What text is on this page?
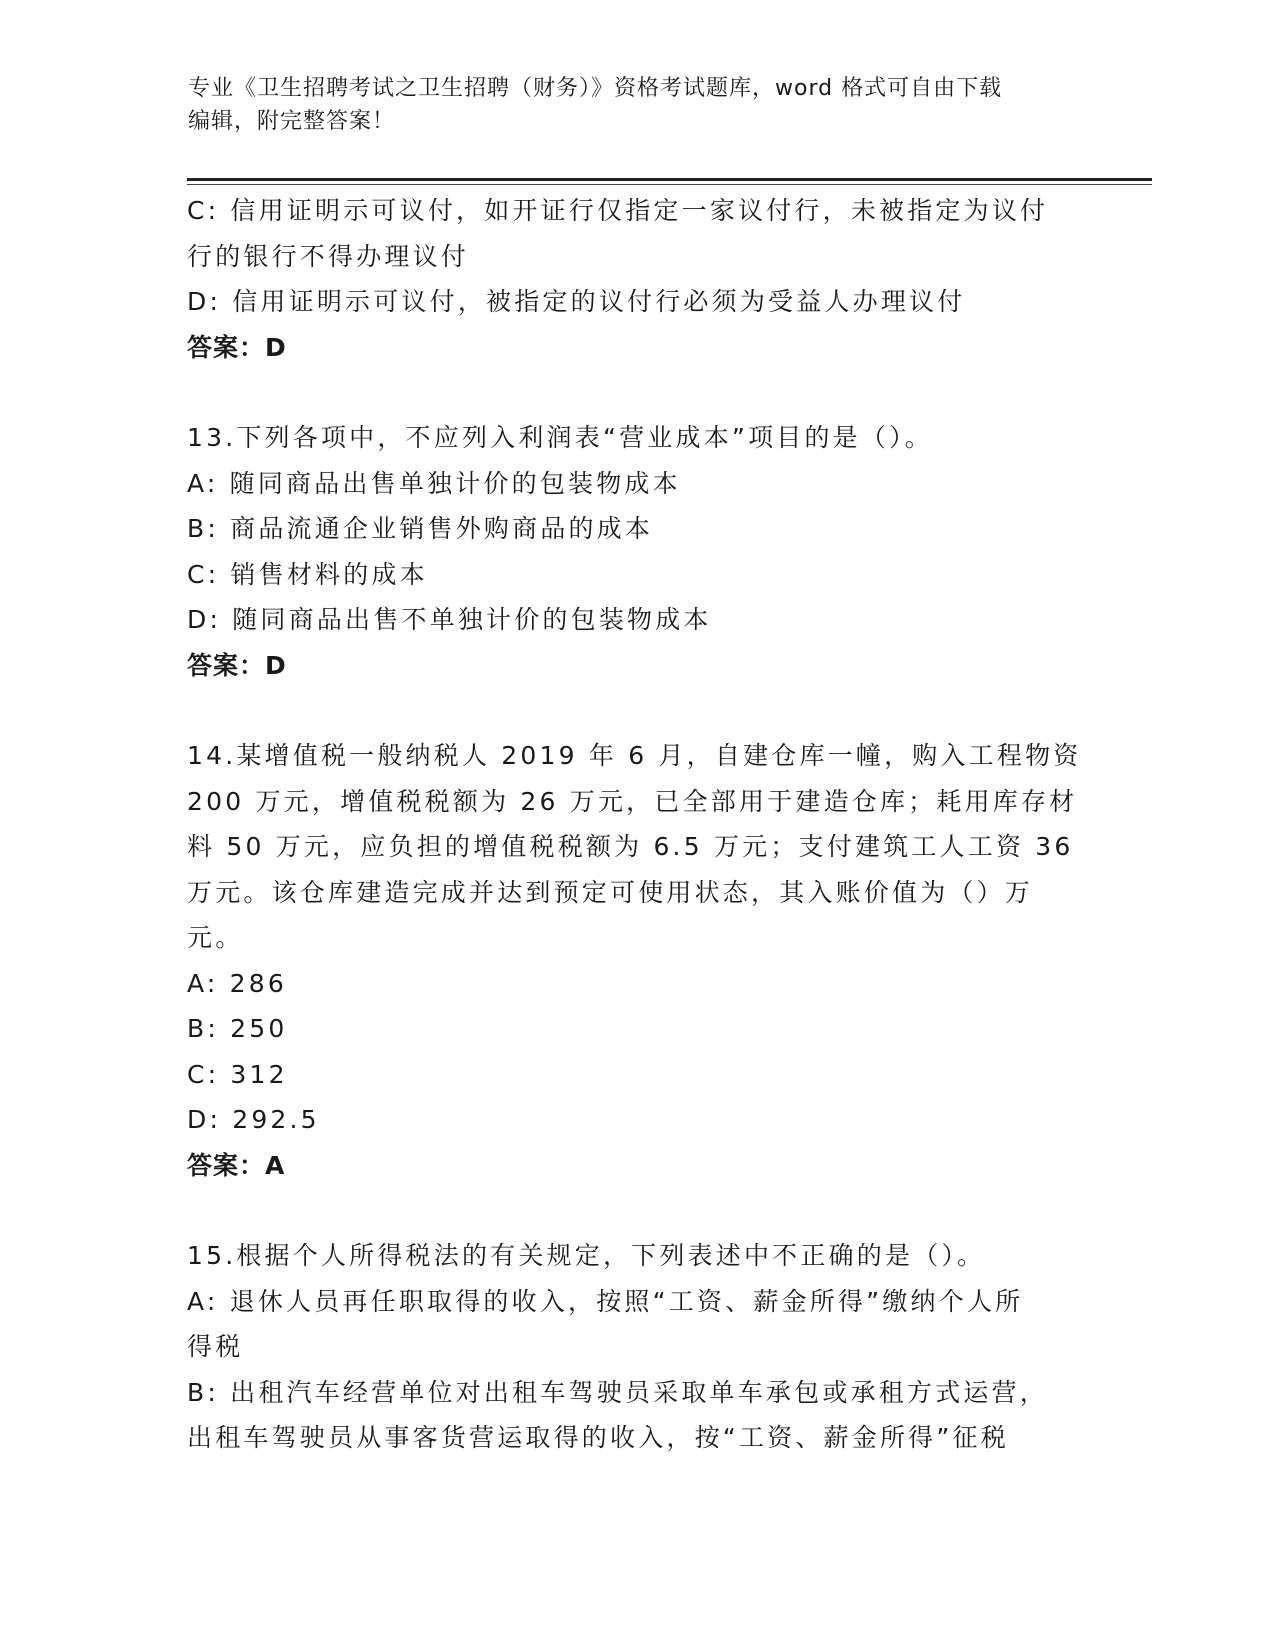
专业《卫生招聘考试之卫生招聘（财务）》资格考试题库，word 格式可自由下载
编辑，附完整答案！
C: 信用证明示可议付，如开证行仅指定一家议付行，未被指定为议付
行的银行不得办理议付
D: 信用证明示可议付，被指定的议付行必须为受益人办理议付
答案：D
13.下列各项中，不应列入利润表“营业成本”项目的是（）。
A: 随同商品出售单独计价的包装物成本
B: 商品流通企业销售外购商品的成本
C: 销售材料的成本
D: 随同商品出售不单独计价的包装物成本
答案：D
14.某增值税一般纳税人 2019 年 6 月，自建仓库一幢，购入工程物资
200 万元，增值税税额为 26 万元，已全部用于建造仓库；耗用库存材
料 50 万元，应负担的增值税税额为 6.5 万元；支付建筑工人工资 36
万元。该仓库建造完成并达到预定可使用状态，其入账价值为（）万
元。
A: 286
B: 250
C: 312
D: 292.5
答案：A
15.根据个人所得税法的有关规定，下列表述中不正确的是（）。
A: 退休人员再任职取得的收入，按照“工资、薪金所得”缴纳个人所
得税
B: 出租汽车经营单位对出租车驾驶员采取单车承包或承租方式运营，
出租车驾驶员从事客货营运取得的收入，按“工资、薪金所得”征税
